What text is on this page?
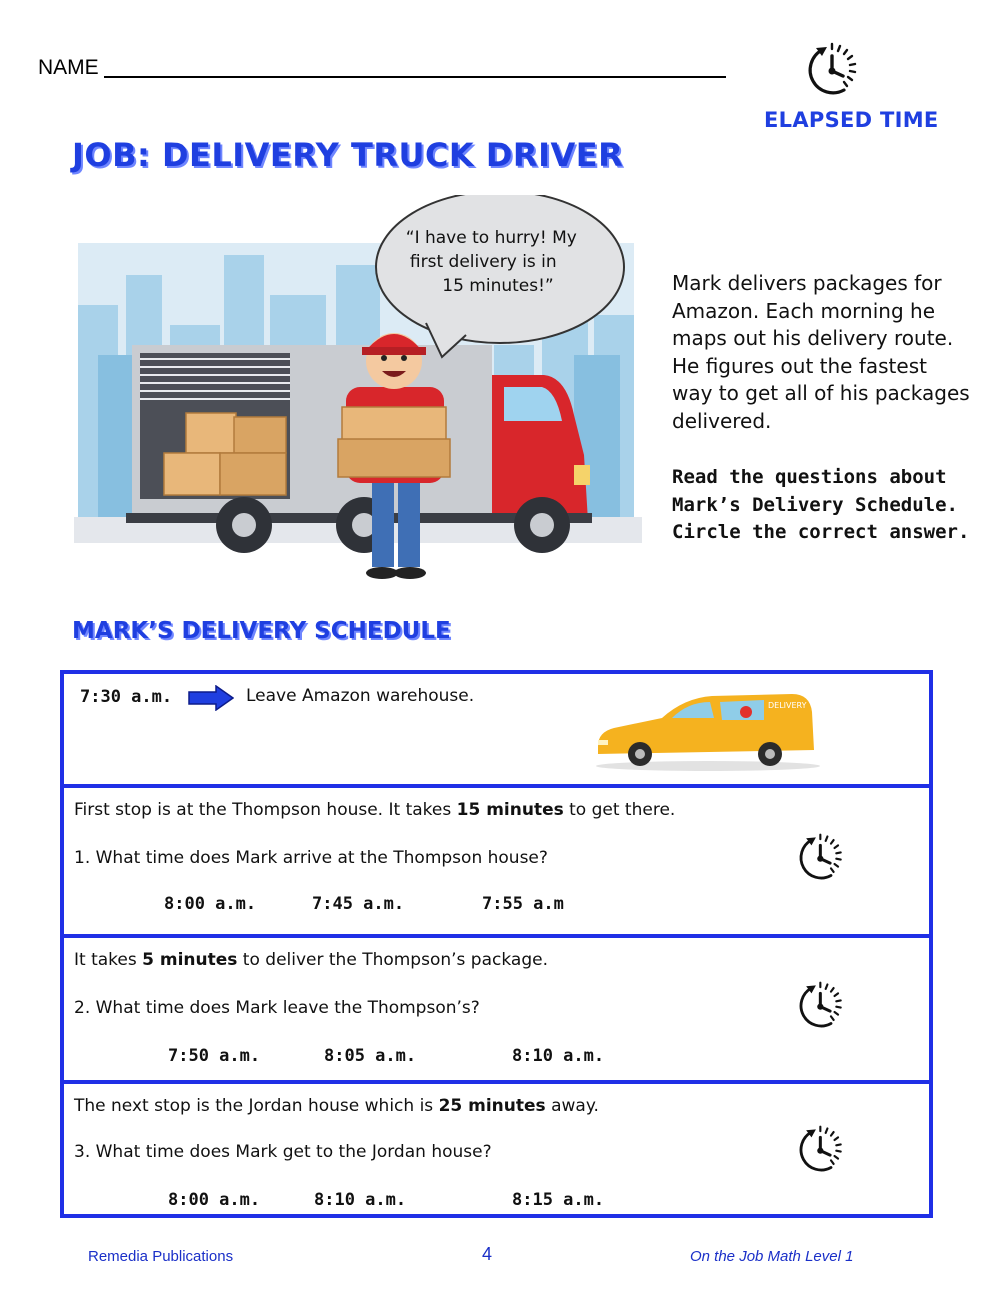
NAME
ELAPSED TIME
JOB: DELIVERY TRUCK DRIVER
“I have to hurry! My first delivery is in 15 minutes!”	Mark delivers packages for Amazon. Each morning he maps out his delivery route. He figures out the fastest way to get all of his packages delivered.
Read the questions about Mark’s Delivery Schedule. Circle the correct answer.
MARK’S DELIVERY SCHEDULE
7:30 a.m.	Leave Amazon warehouse.	DELIVERY
First stop is at the Thompson house. It takes 15 minutes to get there.
1. What time does Mark arrive at the Thompson house?
8:00 a.m.	7:45 a.m.	7:55 a.m
It takes 5 minutes to deliver the Thompson’s package.
2. What time does Mark leave the Thompson’s?
7:50 a.m.	8:05 a.m.	8:10 a.m.
The next stop is the Jordan house which is 25 minutes away.
3. What time does Mark get to the Jordan house?
8:00 a.m.	8:10 a.m.	8:15 a.m.
Remedia Publications	4	On the Job Math Level 1
